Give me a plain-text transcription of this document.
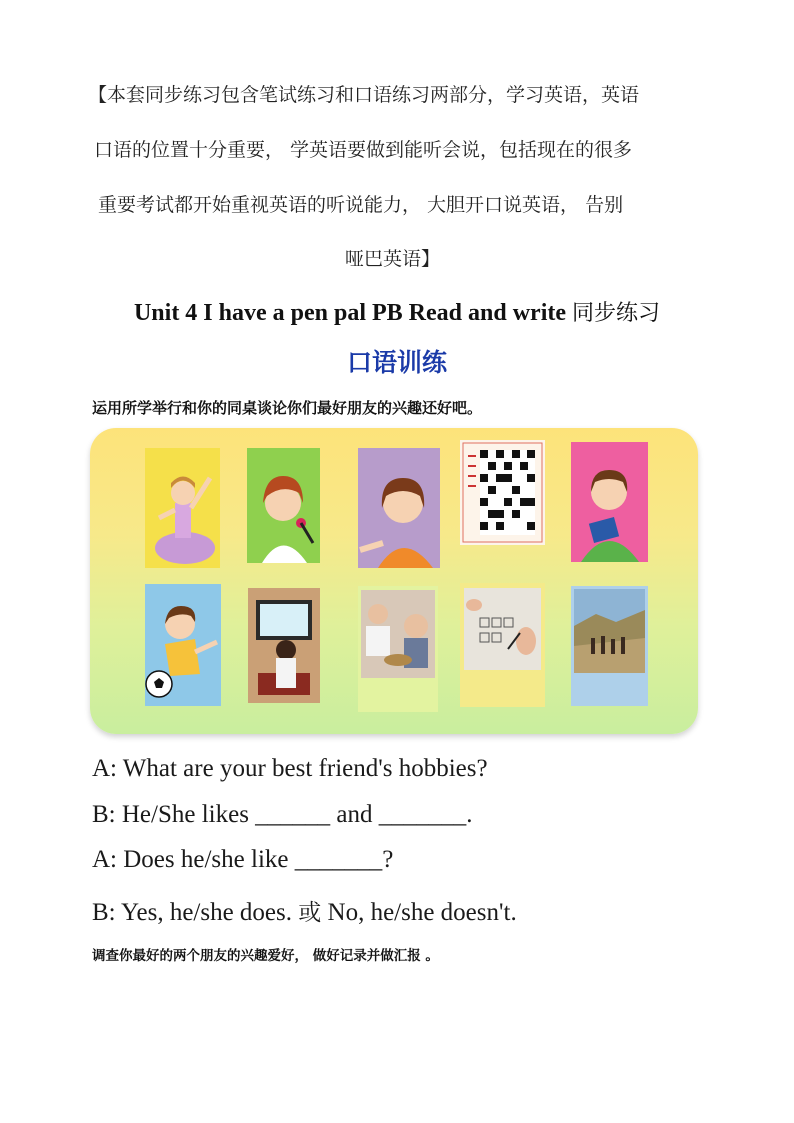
【本套同步练习包含笔试练习和口语练习两部分，学习英语，英语

口语的位置十分重要， 学英语要做到能听会说，包括现在的很多

重要考试都开始重视英语的听说能力， 大胆开口说英语， 告别

哑巴英语】

Unit 4 I have a pen pal PB Read and write 同步练习
口语训练

运用所学举行和你的同桌谈论你们最好朋友的兴趣还好吧。

A: What are your best friend's hobbies?

B: He/She likes ______ and _______.

A: Does he/she like _______?

B: Yes, he/she does. 或 No, he/she doesn't.

调查你最好的两个朋友的兴趣爱好， 做好记录并做汇报 。
